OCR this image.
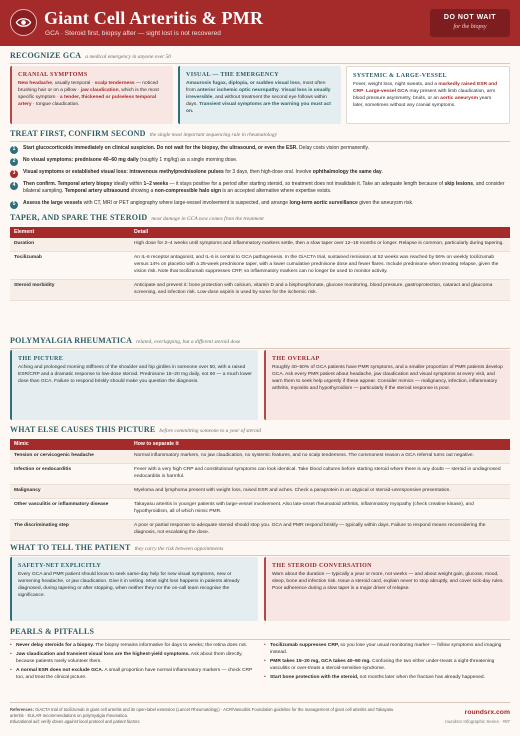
Giant Cell Arteritis & PMR
GCA · Steroid first, biopsy after — sight lost is not recovered
DO NOT WAIT
for the biopsy
RECOGNIZE GCA a medical emergency in anyone over 50
CRANIAL SYMPTOMS

New headache, usually temporal · scalp tenderness — noticed brushing hair or on a pillow · jaw claudication, which is the most specific symptom · a tender, thickened or pulseless temporal artery · tongue claudication.

VISUAL — THE EMERGENCY

Amaurosis fugax, diplopia, or sudden visual loss, most often from anterior ischemic optic neuropathy. Visual loss is usually irreversible, and without treatment the second eye follows within days. Transient visual symptoms are the warning you must act on.

SYSTEMIC & LARGE-VESSEL

Fever, weight loss, night sweats, and a markedly raised ESR and CRP. Large-vessel GCA may present with limb claudication, arm blood pressure asymmetry, bruits, or an aortic aneurysm years later, sometimes without any cranial symptoms.

TREAT FIRST, CONFIRM SECOND the single most important sequencing rule in rheumatology
1	Start glucocorticoids immediately on clinical suspicion. Do not wait for the biopsy, the ultrasound, or even the ESR. Delay costs vision permanently.
2	No visual symptoms: prednisone 40–60 mg daily (roughly 1 mg/kg) as a single morning dose.
3	Visual symptoms or established visual loss: intravenous methylprednisolone pulses for 3 days, then high-dose oral. Involve ophthalmology the same day.
4	Then confirm. Temporal artery biopsy ideally within 1–2 weeks — it stays positive for a period after starting steroid, so treatment does not invalidate it. Take an adequate length because of skip lesions, and consider bilateral sampling. Temporal artery ultrasound showing a non-compressible halo sign is an accepted alternative where expertise exists.
5	Assess the large vessels with CT, MRI or PET angiography where large-vessel involvement is suspected, and arrange long-term aortic surveillance given the aneurysm risk.
TAPER, AND SPARE THE STEROID most damage in GCA now comes from the treatment
Element	Detail
Duration	High dose for 2–4 weeks until symptoms and inflammatory markers settle, then a slow taper over 12–18 months or longer. Relapse is common, particularly during tapering.
Tocilizumab	An IL-6 receptor antagonist, and IL-6 is central to GCA pathogenesis. In the GiACTA trial, sustained remission at 52 weeks was reached by 56% on weekly tocilizumab versus 14% on placebo with a 26-week prednisone taper, with a lower cumulative prednisone dose and fewer flares. Include prednisone when treating relapse, given the vision risk. Note that tocilizumab suppresses CRP, so inflammatory markers can no longer be used to monitor activity.
Steroid morbidity	Anticipate and prevent it: bone protection with calcium, vitamin D and a bisphosphonate, glucose monitoring, blood pressure, gastroprotection, cataract and glaucoma screening, and infection risk. Low-dose aspirin is used by some for the ischemic risk.
POLYMYALGIA RHEUMATICA related, overlapping, but a different steroid dose
THE PICTURE

Aching and prolonged morning stiffness of the shoulder and hip girdles in someone over 50, with a raised ESR/CRP and a dramatic response to low-dose steroid. Prednisone 15–20 mg daily, not 60 — a much lower dose than GCA. Failure to respond briskly should make you question the diagnosis.

THE OVERLAP

Roughly 40–50% of GCA patients have PMR symptoms, and a smaller proportion of PMR patients develop GCA. Ask every PMR patient about headache, jaw claudication and visual symptoms at every visit, and warn them to seek help urgently if these appear. Consider mimics — malignancy, infection, inflammatory arthritis, myositis and hypothyroidism — particularly if the steroid response is poor.

WHAT ELSE CAUSES THIS PICTURE before committing someone to a year of steroid
Mimic	How to separate it
Tension or cervicogenic headache	Normal inflammatory markers, no jaw claudication, no systemic features, and no scalp tenderness. The commonest reason a GCA referral turns out negative.
Infection or endocarditis	Fever with a very high CRP and constitutional symptoms can look identical. Take blood cultures before starting steroid where there is any doubt — steroid in undiagnosed endocarditis is harmful.
Malignancy	Myeloma and lymphoma present with weight loss, raised ESR and aches. Check a paraprotein in an atypical or steroid-unresponsive presentation.
Other vasculitis or inflammatory disease	Takayasu arteritis in younger patients with large-vessel involvement. Also late-onset rheumatoid arthritis, inflammatory myopathy (check creatine kinase), and hypothyroidism, all of which mimic PMR.
The discriminating step	A poor or partial response to adequate steroid should stop you. GCA and PMR respond briskly — typically within days. Failure to respond means reconsidering the diagnosis, not escalating the dose.
WHAT TO TELL THE PATIENT they carry the risk between appointments
SAFETY-NET EXPLICITLY

Every GCA and PMR patient should know to seek same-day help for new visual symptoms, new or worsening headache, or jaw claudication. Give it in writing. Most sight loss happens in patients already diagnosed, during tapering or after stopping, when neither they nor the on-call team recognise the significance.

THE STEROID CONVERSATION

Warn about the duration — typically a year or more, not weeks — and about weight gain, glucose, mood, sleep, bone and infection risk. Issue a steroid card, explain never to stop abruptly, and cover sick-day rules. Poor adherence during a slow taper is a major driver of relapse.

PEARLS & PITFALLS
• Never delay steroids for a biopsy. The biopsy remains informative for days to weeks; the retina does not.
• Jaw claudication and transient visual loss are the highest-yield symptoms. Ask about them directly, because patients rarely volunteer them.
• A normal ESR does not exclude GCA. A small proportion have normal inflammatory markers — check CRP too, and treat the clinical picture.
• Tocilizumab suppresses CRP, so you lose your usual monitoring marker — follow symptoms and imaging instead.
• PMR takes 15–20 mg, GCA takes 40–60 mg. Confusing the two either under-treats a sight-threatening vasculitis or over-treats a steroid-sensitive syndrome.
• Start bone protection with the steroid, not months later when the fracture has already happened.
References: GiACTA trial of tocilizumab in giant cell arteritis and its open-label extension (Lancet Rheumatology) · ACR/Vasculitis Foundation guideline for the management of giant cell arteritis and Takayasu arteritis · EULAR recommendations on polymyalgia rheumatica.
Educational aid; verify doses against local protocol and patient factors.
roundsrx.com
roundsrx Infographic Series · #97
